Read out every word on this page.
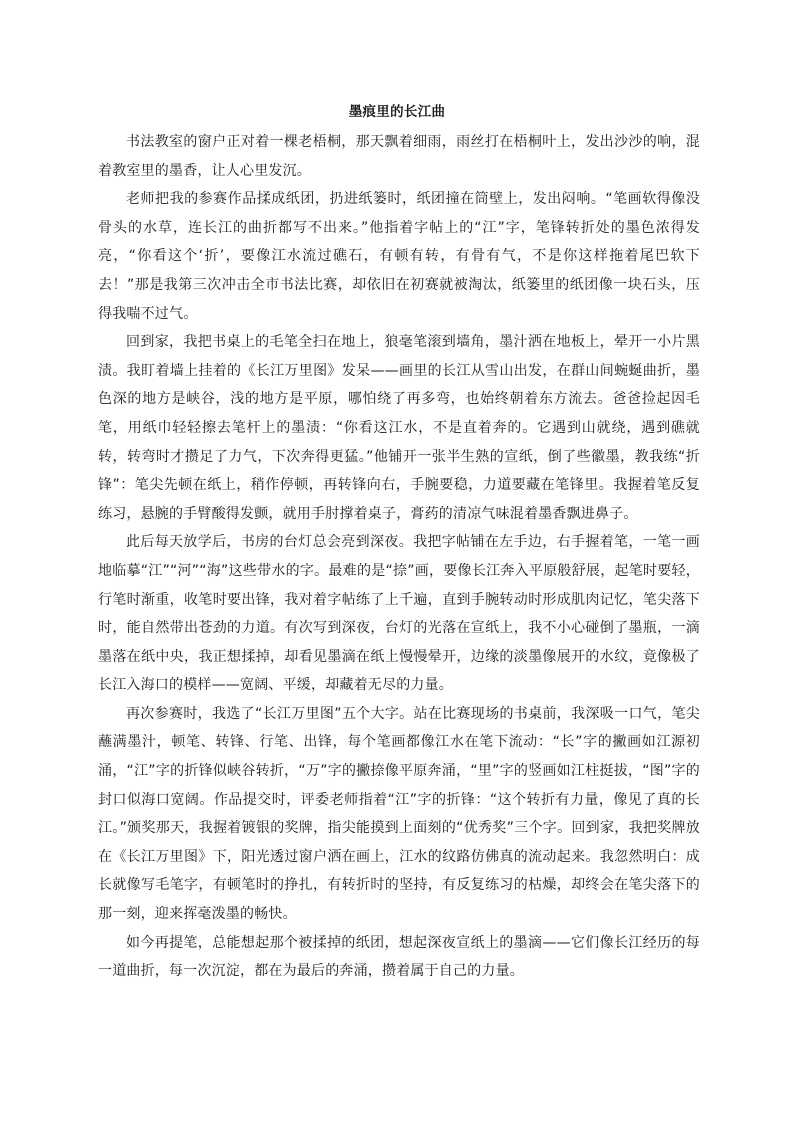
墨痕里的长江曲

书法教室的窗户正对着一棵老梧桐，那天飘着细雨，雨丝打在梧桐叶上，发出沙沙的响，混着教室里的墨香，让人心里发沉。

老师把我的参赛作品揉成纸团，扔进纸篓时，纸团撞在筒壁上，发出闷响。“笔画软得像没骨头的水草，连长江的曲折都写不出来。”他指着字帖上的“江”字，笔锋转折处的墨色浓得发亮，“你看这个‘折’，要像江水流过礁石，有顿有转，有骨有气，不是你这样拖着尾巴软下去！”那是我第三次冲击全市书法比赛，却依旧在初赛就被淘汰，纸篓里的纸团像一块石头，压得我喘不过气。

回到家，我把书桌上的毛笔全扫在地上，狼毫笔滚到墙角，墨汁洒在地板上，晕开一小片黑渍。我盯着墙上挂着的《长江万里图》发呆——画里的长江从雪山出发，在群山间蜿蜒曲折，墨色深的地方是峡谷，浅的地方是平原，哪怕绕了再多弯，也始终朝着东方流去。爸爸捡起因毛笔，用纸巾轻轻擦去笔杆上的墨渍：“你看这江水，不是直着奔的。它遇到山就绕，遇到礁就转，转弯时才攒足了力气，下次奔得更猛。”他铺开一张半生熟的宣纸，倒了些徽墨，教我练“折锋”：笔尖先顿在纸上，稍作停顿，再转锋向右，手腕要稳，力道要藏在笔锋里。我握着笔反复练习，悬腕的手臂酸得发颤，就用手肘撑着桌子，膏药的清凉气味混着墨香飘进鼻子。

此后每天放学后，书房的台灯总会亮到深夜。我把字帖铺在左手边，右手握着笔，一笔一画地临摹“江”“河”“海”这些带水的字。最难的是“捺”画，要像长江奔入平原般舒展，起笔时要轻，行笔时渐重，收笔时要出锋，我对着字帖练了上千遍，直到手腕转动时形成肌肉记忆，笔尖落下时，能自然带出苍劲的力道。有次写到深夜，台灯的光落在宣纸上，我不小心碰倒了墨瓶，一滴墨落在纸中央，我正想揉掉，却看见墨滴在纸上慢慢晕开，边缘的淡墨像展开的水纹，竟像极了长江入海口的模样——宽阔、平缓，却藏着无尽的力量。

再次参赛时，我选了“长江万里图”五个大字。站在比赛现场的书桌前，我深吸一口气，笔尖蘸满墨汁，顿笔、转锋、行笔、出锋，每个笔画都像江水在笔下流动：“长”字的撇画如江源初涌，“江”字的折锋似峡谷转折，“万”字的撇捺像平原奔涌，“里”字的竖画如江柱挺拔，“图”字的封口似海口宽阔。作品提交时，评委老师指着“江”字的折锋：“这个转折有力量，像见了真的长江。”颁奖那天，我握着镀银的奖牌，指尖能摸到上面刻的“优秀奖”三个字。回到家，我把奖牌放在《长江万里图》下，阳光透过窗户洒在画上，江水的纹路仿佛真的流动起来。我忽然明白：成长就像写毛笔字，有顿笔时的挣扎，有转折时的坚持，有反复练习的枯燥，却终会在笔尖落下的那一刻，迎来挥毫泼墨的畅快。

如今再提笔，总能想起那个被揉掉的纸团，想起深夜宣纸上的墨滴——它们像长江经历的每一道曲折，每一次沉淀，都在为最后的奔涌，攒着属于自己的力量。
